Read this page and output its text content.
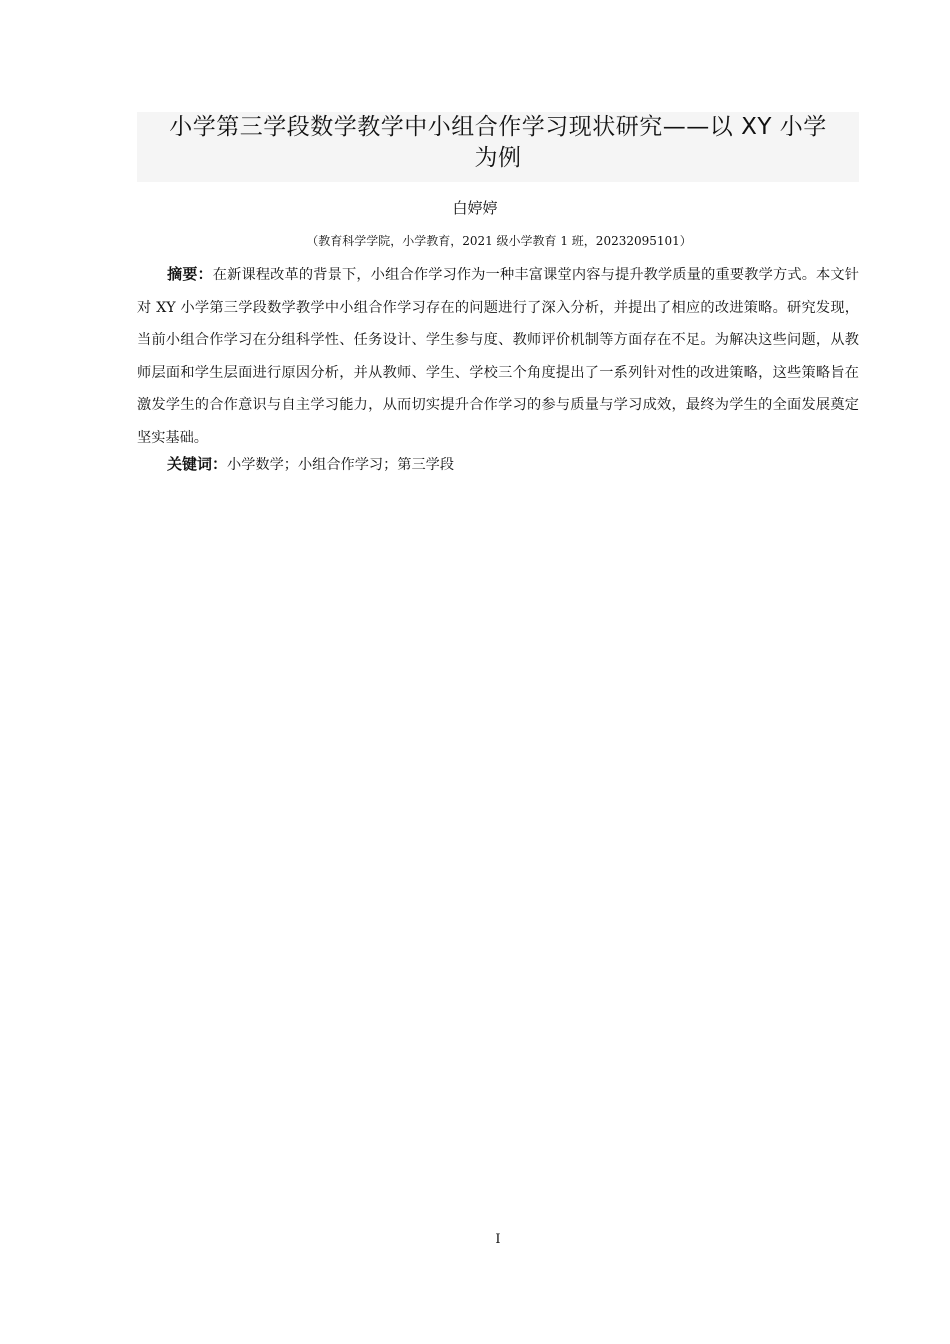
小学第三学段数学教学中小组合作学习现状研究——以 XY 小学
为例
白婷婷
（教育科学学院，小学教育，2021 级小学教育 1 班，20232095101）
摘要：在新课程改革的背景下，小组合作学习作为一种丰富课堂内容与提升教学质量的重要教学方式。本文针对 XY 小学第三学段数学教学中小组合作学习存在的问题进行了深入分析，并提出了相应的改进策略。研究发现，当前小组合作学习在分组科学性、任务设计、学生参与度、教师评价机制等方面存在不足。为解决这些问题，从教师层面和学生层面进行原因分析，并从教师、学生、学校三个角度提出了一系列针对性的改进策略，这些策略旨在激发学生的合作意识与自主学习能力，从而切实提升合作学习的参与质量与学习成效，最终为学生的全面发展奠定坚实基础。
关键词：小学数学；小组合作学习；第三学段
I
